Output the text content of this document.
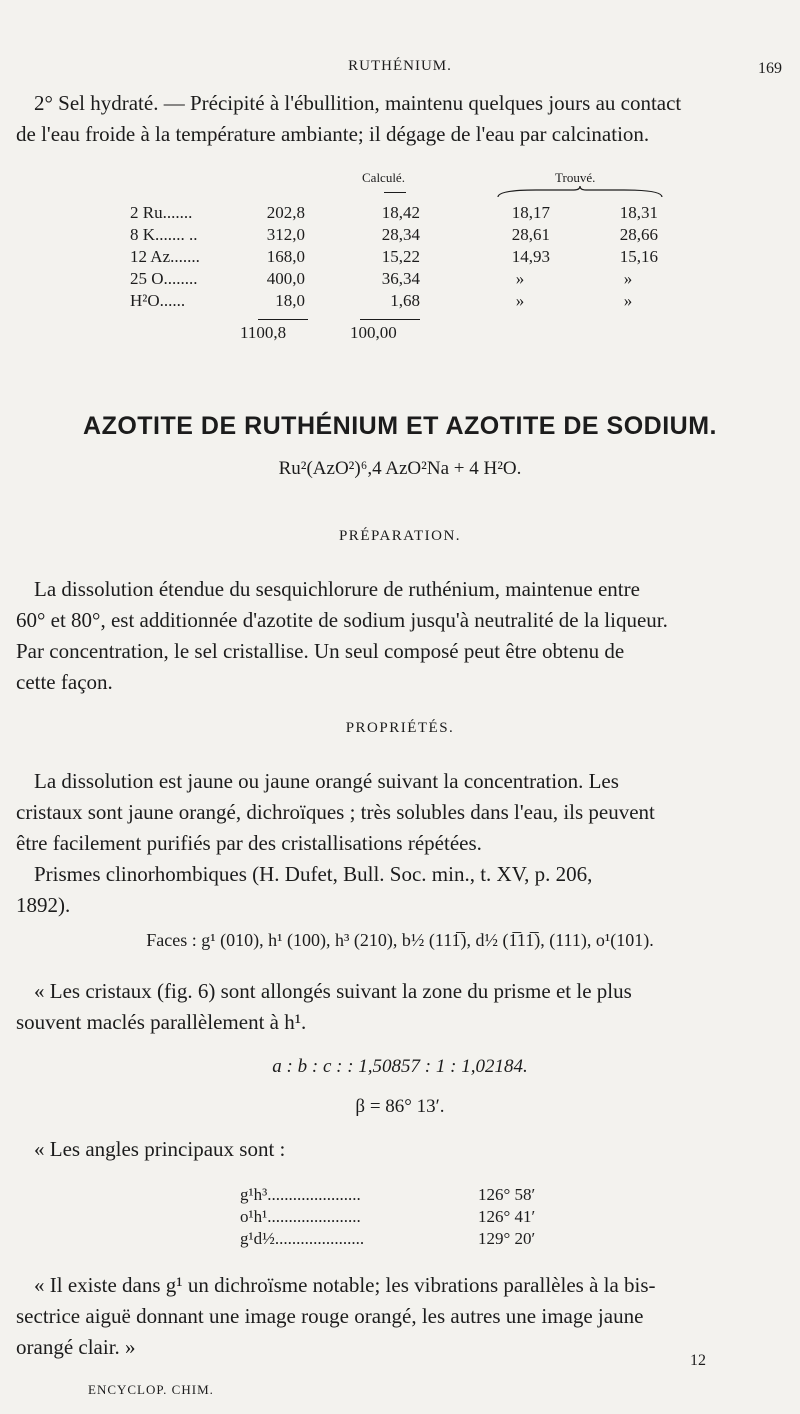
RUTHÉNIUM.	169
2° Sel hydraté. — Précipité à l'ébullition, maintenu quelques jours au contact
de l'eau froide à la température ambiante; il dégage de l'eau par calcination.
Calculé.	Trouvé.
2 Ru.......	202,8	18,42	18,17	18,31
8 K....... ..	312,0	28,34	28,61	28,66
12 Az.......	168,0	15,22	14,93	15,16
25 O........	400,0	36,34	»	»
H²O......	18,0	1,68	»	»
1100,8	100,00
AZOTITE DE RUTHÉNIUM ET AZOTITE DE SODIUM.
Ru²(AzO²)⁶,4 AzO²Na + 4 H²O.
PRÉPARATION.
La dissolution étendue du sesquichlorure de ruthénium, maintenue entre
60° et 80°, est additionnée d'azotite de sodium jusqu'à neutralité de la liqueur.
Par concentration, le sel cristallise. Un seul composé peut être obtenu de
cette façon.
PROPRIÉTÉS.
La dissolution est jaune ou jaune orangé suivant la concentration. Les
cristaux sont jaune orangé, dichroïques ; très solubles dans l'eau, ils peuvent
être facilement purifiés par des cristallisations répétées.
Prismes clinorhombiques (H. Dufet, Bull. Soc. min., t. XV, p. 206,
1892).
Faces : g¹ (010), h¹ (100), h³ (210), b½ (111̅), d½ (1̅11̅), (111), o¹(101).
« Les cristaux (fig. 6) sont allongés suivant la zone du prisme et le plus
souvent maclés parallèlement à h¹.
a : b : c : : 1,50857 : 1 : 1,02184.
β = 86° 13′.
« Les angles principaux sont :
g¹h³......................	126° 58′
o¹h¹......................	126° 41′
g¹d½.....................	129° 20′
« Il existe dans g¹ un dichroïsme notable; les vibrations parallèles à la bis-
sectrice aiguë donnant une image rouge orangé, les autres une image jaune
orangé clair. »
ENCYCLOP. CHIM.
12
